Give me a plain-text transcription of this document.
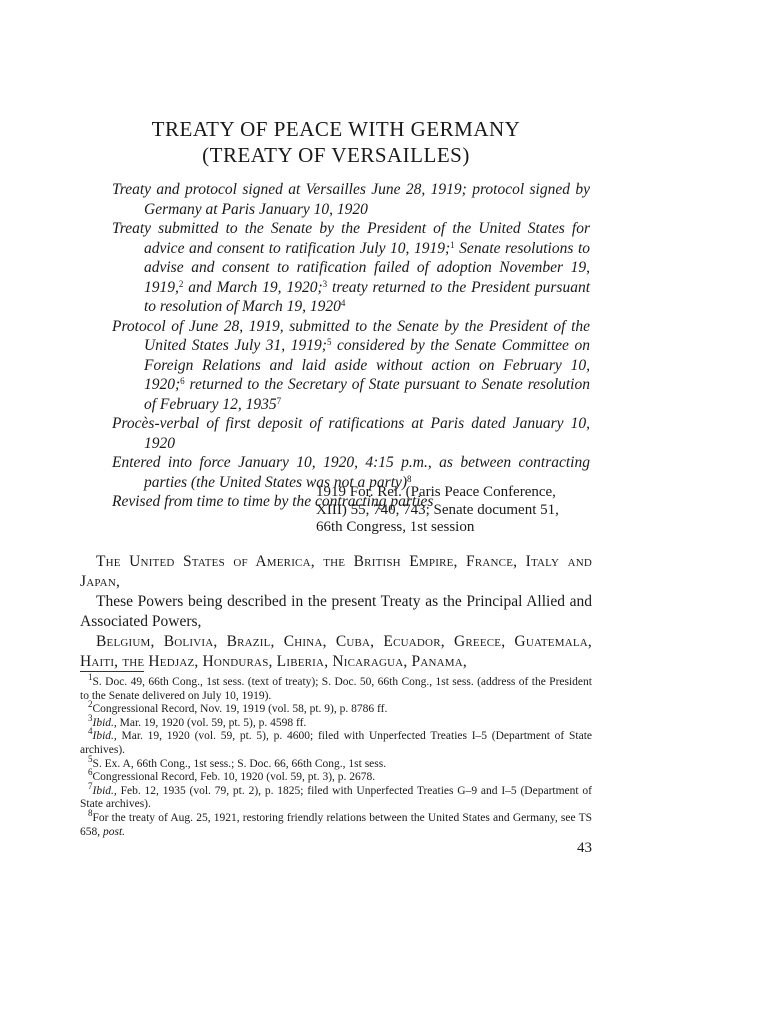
TREATY OF PEACE WITH GERMANY
(TREATY OF VERSAILLES)
Treaty and protocol signed at Versailles June 28, 1919; protocol signed by Germany at Paris January 10, 1920
Treaty submitted to the Senate by the President of the United States for advice and consent to ratification July 10, 1919;$^1$ Senate resolutions to advise and consent to ratification failed of adoption November 19, 1919,$^2$ and March 19, 1920;$^3$ treaty returned to the President pursuant to resolution of March 19, 1920$^4$
Protocol of June 28, 1919, submitted to the Senate by the President of the United States July 31, 1919;$^5$ considered by the Senate Committee on Foreign Relations and laid aside without action on February 10, 1920;$^6$ returned to the Secretary of State pursuant to Senate resolution of February 12, 1935$^7$
Procès-verbal of first deposit of ratifications at Paris dated January 10, 1920
Entered into force January 10, 1920, 4:15 p.m., as between contracting parties (the United States was not a party)$^8$
Revised from time to time by the contracting parties
1919 For. Rel. (Paris Peace Conference,
XIII) 55, 740, 743; Senate document 51,
66th Congress, 1st session

The United States of America, the British Empire, France, Italy and Japan,

These Powers being described in the present Treaty as the Principal Allied and Associated Powers,

Belgium, Bolivia, Brazil, China, Cuba, Ecuador, Greece, Guatemala, Haiti, the Hedjaz, Honduras, Liberia, Nicaragua, Panama,

$^1$S. Doc. 49, 66th Cong., 1st sess. (text of treaty); S. Doc. 50, 66th Cong., 1st sess. (address of the President to the Senate delivered on July 10, 1919).
$^2$Congressional Record, Nov. 19, 1919 (vol. 58, pt. 9), p. 8786 ff.
$^3$Ibid., Mar. 19, 1920 (vol. 59, pt. 5), p. 4598 ff.
$^4$Ibid., Mar. 19, 1920 (vol. 59, pt. 5), p. 4600; filed with Unperfected Treaties I–5 (Department of State archives).
$^5$S. Ex. A, 66th Cong., 1st sess.; S. Doc. 66, 66th Cong., 1st sess.
$^6$Congressional Record, Feb. 10, 1920 (vol. 59, pt. 3), p. 2678.
$^7$Ibid., Feb. 12, 1935 (vol. 79, pt. 2), p. 1825; filed with Unperfected Treaties G–9 and I–5 (Department of State archives).
$^8$For the treaty of Aug. 25, 1921, restoring friendly relations between the United States and Germany, see TS 658, post.
43
